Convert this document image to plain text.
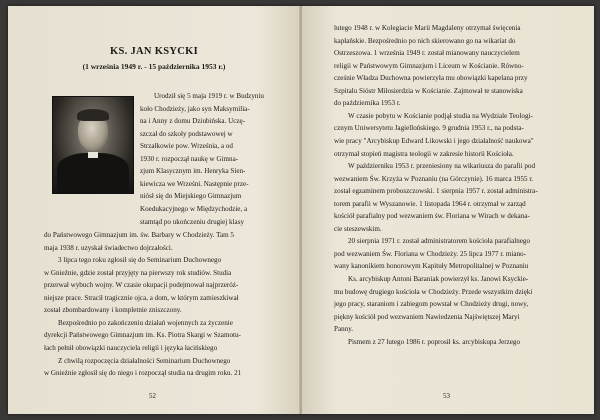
KS. JAN KSYCKI
(1 września 1949 r. - 15 października 1953 r.)
Urodził się 5 maja 1919 r. w Budzyniu
koło Chodzieży, jako syn Maksymilia-
na i Anny z domu Dziubińska. Uczę-
szczał do szkoły podstawowej w
Strzałkowie pow. Września, a od
1930 r. rozpoczął naukę w Gimna-
zjum Klasycznym im. Henryka Sien-
kiewicza we Wrześni. Następnie prze-
niósł się do Miejskiego Gimnazjum
Koedukacyjnego w Międzychodzie, a
stamtąd po ukończeniu drugiej klasy
do Państwowego Gimnazjum im. św. Barbary w Chodzieży. Tam 5
maja 1938 r. uzyskał świadectwo dojrzałości.
3 lipca tego roku zgłosił się do Seminarium Duchownego
w Gnieźnie, gdzie został przyjęty na pierwszy rok studiów. Studia
przerwał wybuch wojny. W czasie okupacji podejmował najprzeróż-
niejsze prace. Stracił tragicznie ojca, a dom, w którym zamieszkiwał
został zbombardowany i kompletnie zniszczony.
Bezpośrednio po zakończeniu działań wojennych za życzenie
dyrekcji Państwowego Gimnazjum im. Ks. Piotra Skargi w Szamotu-
łach pełnił obowiązki nauczyciela religii i języka łacińskiego
Z chwilą rozpoczęcia działalności Seminarium Duchownego
w Gnieźnie zgłosił się do niego i rozpoczął studia na drugim roku. 21
52
lutego 1948 r. w Kolegiacie Marii Magdaleny otrzymał święcenia
kapłańskie. Bezpośrednio po nich skierowano go na wikariat do
Ostrzeszowa. 1 września 1949 r. został mianowany nauczycielem
religii w Państwowym Gimnazjum i Liceum w Kościanie. Równo-
cześnie Władza Duchowna powierzyła mu obowiązki kapelana przy
Szpitalu Sióstr Miłosierdzia w Kościanie. Zajmował te stanowiska
do października 1953 r.
W czasie pobytu w Kościanie podjął studia na Wydziale Teologi-
cznym Uniwersytetu Jagiellońskiego. 9 grudnia 1953 r., na podsta-
wie pracy "Arcybiskup Edward Likowski i jego działalność naukowa"
otrzymał stopień magistra teologii w zakresie historii Kościoła.
W październiku 1953 r. przeniesiony na wikariusza do parafii pod
wezwaniem Św. Krzyża w Poznaniu (na Górczynie). 16 marca 1955 r.
został egzaminem proboszczowski. 1 sierpnia 1957 r. został administra-
torem parafii w Wyszanowie. 1 listopada 1964 r. otrzymał w zarząd
kościół parafialny pod wezwaniem św. Floriana w Wirach w dekana-
cie steszewskim.
20 sierpnia 1971 r. został administratorem kościoła parafialnego
pod wezwaniem Św. Floriana w Chodzieży. 25 lipca 1977 r. miano-
wany kanonikiem honorowym Kapituły Metropolitalnej w Poznaniu
Ks. arcybiskup Antoni Baraniak powierzył ks. Janowi Ksyckie-
mu budowę drugiego kościoła w Chodzieży. Przede wszystkim dzięki
jego pracy, staraniom i zabiegom powstał w Chodzieży drugi, nowy,
piękny kościół pod wezwaniem Nawiedzenia Najświętszej Maryi
Panny.
Pismem z 27 lutego 1986 r. poprosił ks. arcybiskupa Jerzego
53
